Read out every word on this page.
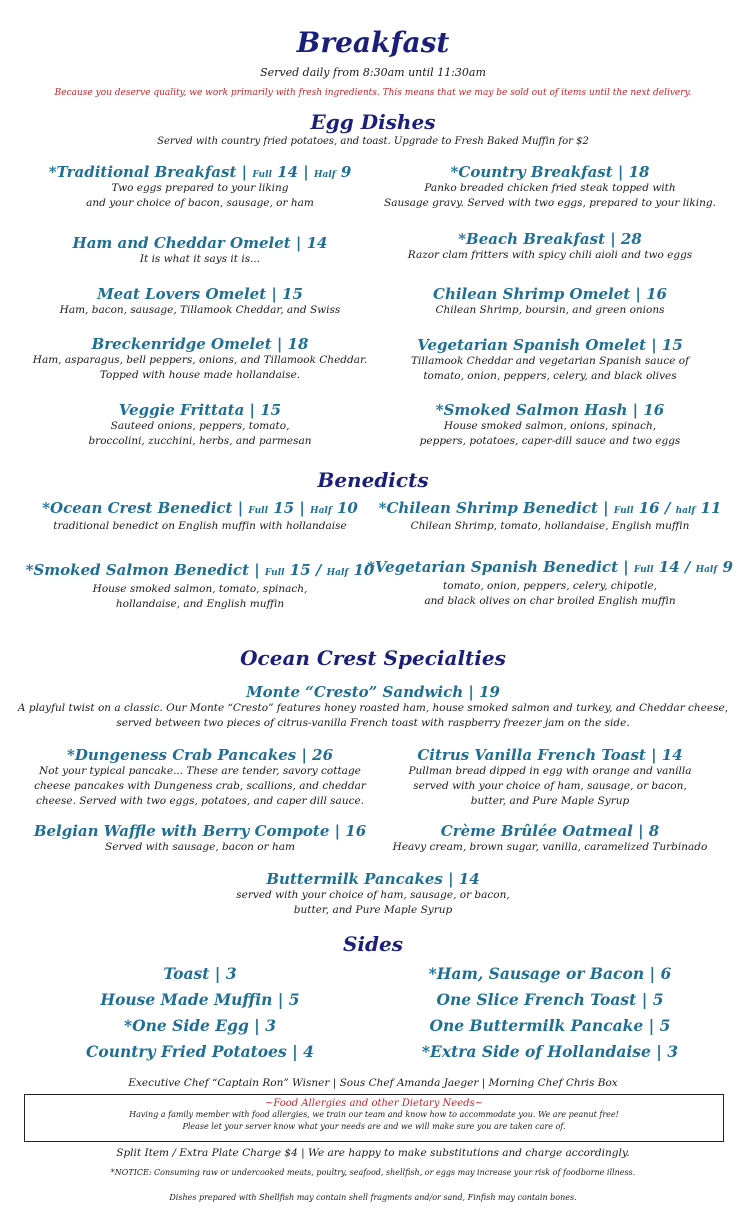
Breakfast
Served daily from 8:30am until 11:30am
Because you deserve quality, we work primarily with fresh ingredients. This means that we may be sold out of items until the next delivery.
Egg Dishes
Served with country fried potatoes, and toast. Upgrade to Fresh Baked Muffin for $2
*Traditional Breakfast | Full 14 | Half 9
Two eggs prepared to your liking
and your choice of bacon, sausage, or ham
*Country Breakfast | 18
Panko breaded chicken fried steak topped with
Sausage gravy. Served with two eggs, prepared to your liking.
Ham and Cheddar Omelet | 14
It is what it says it is...
*Beach Breakfast | 28
Razor clam fritters with spicy chili aioli and two eggs
Meat Lovers Omelet | 15
Ham, bacon, sausage, Tillamook Cheddar, and Swiss
Chilean Shrimp Omelet | 16
Chilean Shrimp, boursin, and green onions
Breckenridge Omelet | 18
Ham, asparagus, bell peppers, onions, and Tillamook Cheddar.
Topped with house made hollandaise.
Vegetarian Spanish Omelet | 15
Tillamook Cheddar and vegetarian Spanish sauce of
tomato, onion, peppers, celery, and black olives
Veggie Frittata | 15
Sauteed onions, peppers, tomato,
broccolini, zucchini, herbs, and parmesan
*Smoked Salmon Hash | 16
House smoked salmon, onions, spinach,
peppers, potatoes, caper-dill sauce and two eggs
Benedicts
*Ocean Crest Benedict | Full 15 | Half 10
traditional benedict on English muffin with hollandaise
*Chilean Shrimp Benedict | Full 16 / half 11
Chilean Shrimp, tomato, hollandaise, English muffin
*Smoked Salmon Benedict | Full 15 / Half 10
House smoked salmon, tomato, spinach,
hollandaise, and English muffin
*Vegetarian Spanish Benedict | Full 14 / Half 9
tomato, onion, peppers, celery, chipotle,
and black olives on char broiled English muffin
Ocean Crest Specialties
Monte “Cresto” Sandwich | 19
A playful twist on a classic. Our Monte “Cresto” features honey roasted ham, house smoked salmon and turkey, and Cheddar cheese,
served between two pieces of citrus-vanilla French toast with raspberry freezer jam on the side.
*Dungeness Crab Pancakes | 26
Not your typical pancake... These are tender, savory cottage
cheese pancakes with Dungeness crab, scallions, and cheddar
cheese. Served with two eggs, potatoes, and caper dill sauce.
Citrus Vanilla French Toast | 14
Pullman bread dipped in egg with orange and vanilla
served with your choice of ham, sausage, or bacon,
butter, and Pure Maple Syrup
Belgian Waffle with Berry Compote | 16
Served with sausage, bacon or ham
Crème Brûlée Oatmeal | 8
Heavy cream, brown sugar, vanilla, caramelized Turbinado
Buttermilk Pancakes | 14
served with your choice of ham, sausage, or bacon,
butter, and Pure Maple Syrup
Sides
Toast | 3
House Made Muffin | 5
*One Side Egg | 3
Country Fried Potatoes | 4
*Ham, Sausage or Bacon | 6
One Slice French Toast | 5
One Buttermilk Pancake | 5
*Extra Side of Hollandaise | 3
Executive Chef “Captain Ron” Wisner | Sous Chef Amanda Jaeger | Morning Chef Chris Box
~Food Allergies and other Dietary Needs~
Having a family member with food allergies, we train our team and know how to accommodate you. We are peanut free!
Please let your server know what your needs are and we will make sure you are taken care of.
Split Item / Extra Plate Charge $4 | We are happy to make substitutions and charge accordingly.
*NOTICE: Consuming raw or undercooked meats, poultry, seafood, shellfish, or eggs may increase your risk of foodborne illness.
Dishes prepared with Shellfish may contain shell fragments and/or sand, Finfish may contain bones.
